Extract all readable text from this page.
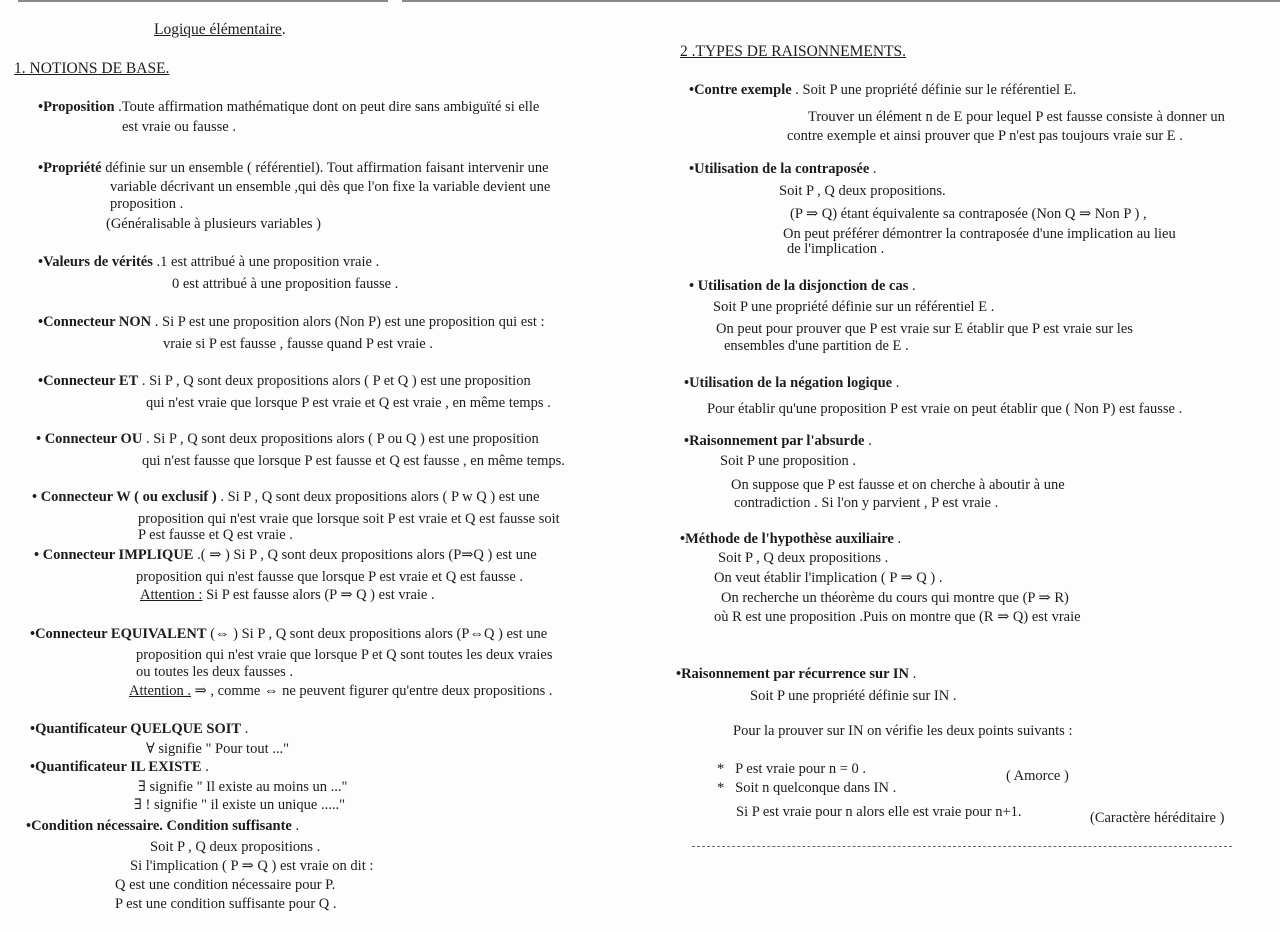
Logique élémentaire.
1. NOTIONS DE BASE.
•Proposition .Toute affirmation mathématique dont on peut dire sans ambiguïté si elle
est vraie ou fausse .
•Propriété définie sur un ensemble ( référentiel). Tout affirmation faisant intervenir une
variable décrivant un ensemble ,qui dès que l'on fixe la variable devient une
proposition .
(Généralisable à plusieurs variables )
•Valeurs de vérités .1 est attribué à une proposition vraie .
0 est attribué à une proposition fausse .
•Connecteur NON . Si P est une proposition alors (Non P) est une proposition qui est :
vraie si P est fausse , fausse quand P est vraie .
•Connecteur ET . Si P , Q sont deux propositions alors ( P et Q ) est une proposition
qui n'est vraie que lorsque P est vraie et Q est vraie , en même temps .
• Connecteur OU . Si P , Q sont deux propositions alors ( P ou Q ) est une proposition
qui n'est fausse que lorsque P est fausse et Q est fausse , en même temps.
• Connecteur W ( ou exclusif ) . Si P , Q sont deux propositions alors ( P w Q ) est une
proposition qui n'est vraie que lorsque soit P est vraie et Q est fausse soit
P est fausse et Q est vraie .
• Connecteur IMPLIQUE .( ⇒ ) Si P , Q sont deux propositions alors (P⇒Q ) est une
proposition qui n'est fausse que lorsque P est vraie et Q est fausse .
Attention : Si P est fausse alors (P ⇒ Q ) est vraie .
•Connecteur EQUIVALENT (⇔ ) Si P , Q sont deux propositions alors (P⇔Q ) est une
proposition qui n'est vraie que lorsque P et Q sont toutes les deux vraies
ou toutes les deux fausses .
Attention . ⇒ , comme ⇔ ne peuvent figurer qu'entre deux propositions .
•Quantificateur QUELQUE SOIT .
∀ signifie " Pour tout ..."
•Quantificateur IL EXISTE .
∃ signifie " Il existe au moins un ..."
∃ ! signifie " il existe un unique ....."
•Condition nécessaire. Condition suffisante .
Soit P , Q deux propositions .
Si l'implication ( P ⇒ Q ) est vraie on dit :
Q est une condition nécessaire pour P.
P est une condition suffisante pour Q .
2 .TYPES DE RAISONNEMENTS.
•Contre exemple . Soit P une propriété définie sur le référentiel E.
Trouver un élément n de E pour lequel P est fausse consiste à donner un
contre exemple et ainsi prouver que P n'est pas toujours vraie sur E .
•Utilisation de la contraposée .
Soit P , Q deux propositions.
(P ⇒ Q) étant équivalente sa contraposée (Non Q ⇒ Non P ) ,
On peut préférer démontrer la contraposée d'une implication au lieu
de l'implication .
• Utilisation de la disjonction de cas .
Soit P une propriété définie sur un référentiel E .
On peut pour prouver que P est vraie sur E établir que P est vraie sur les
ensembles d'une partition de E .
•Utilisation de la négation logique .
Pour établir qu'une proposition P est vraie on peut établir que ( Non P) est fausse .
•Raisonnement par l'absurde .
Soit P une proposition .
On suppose que P est fausse et on cherche à aboutir à une
contradiction . Si l'on y parvient , P est vraie .
•Méthode de l'hypothèse auxiliaire .
Soit P , Q deux propositions .
On veut établir l'implication ( P ⇒ Q ) .
On recherche un théorème du cours qui montre que (P ⇒ R)
où R est une proposition .Puis on montre que (R ⇒ Q) est vraie
•Raisonnement par récurrence sur IN .
Soit P une propriété définie sur IN .
Pour la prouver sur IN on vérifie les deux points suivants :
*   P est vraie pour n = 0 .	( Amorce )
*   Soit n quelconque dans IN .
Si P est vraie pour n alors elle est vraie pour n+1.	(Caractère héréditaire )
